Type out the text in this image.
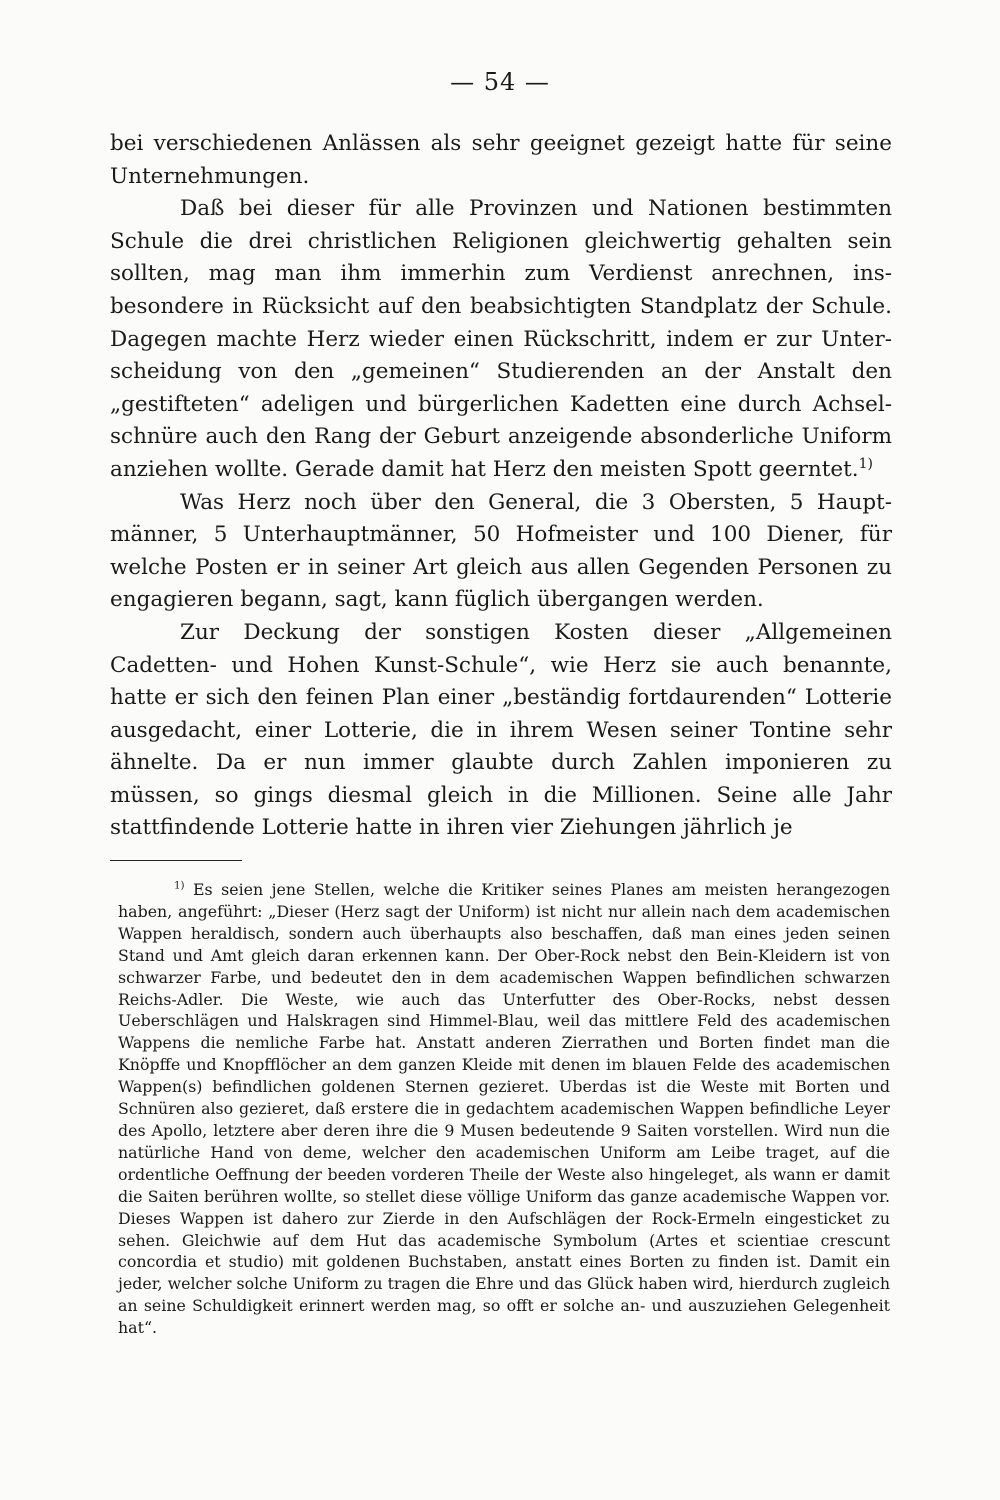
— 54 —

bei verschiedenen Anlässen als sehr geeignet gezeigt hatte für seine Unternehmungen.

Daß bei dieser für alle Provinzen und Nationen bestimmten Schule die drei christlichen Religionen gleichwertig gehalten sein sollten, mag man ihm immerhin zum Verdienst anrechnen, insbesondere in Rücksicht auf den beabsichtigten Standplatz der Schule. Dagegen machte Herz wieder einen Rückschritt, indem er zur Unterscheidung von den „gemeinen“ Studierenden an der Anstalt den „gestifteten“ adeligen und bürgerlichen Kadetten eine durch Achselschnüre auch den Rang der Geburt anzeigende absonderliche Uniform anziehen wollte. Gerade damit hat Herz den meisten Spott geerntet.$^{1)}$

Was Herz noch über den General, die 3 Obersten, 5 Hauptmänner, 5 Unterhauptmänner, 50 Hofmeister und 100 Diener, für welche Posten er in seiner Art gleich aus allen Gegenden Personen zu engagieren begann, sagt, kann füglich übergangen werden.

Zur Deckung der sonstigen Kosten dieser „Allgemeinen Cadetten- und Hohen Kunst-Schule“, wie Herz sie auch benannte, hatte er sich den feinen Plan einer „beständig fortdaurenden“ Lotterie ausgedacht, einer Lotterie, die in ihrem Wesen seiner Tontine sehr ähnelte. Da er nun immer glaubte durch Zahlen imponieren zu müssen, so gings diesmal gleich in die Millionen. Seine alle Jahr stattfindende Lotterie hatte in ihren vier Ziehungen jährlich je

$^{1)}$ Es seien jene Stellen, welche die Kritiker seines Planes am meisten herangezogen haben, angeführt: „Dieser (Herz sagt der Uniform) ist nicht nur allein nach dem academischen Wappen heraldisch, sondern auch überhaupts also beschaffen, daß man eines jeden seinen Stand und Amt gleich daran erkennen kann. Der Ober-Rock nebst den Bein-Kleidern ist von schwarzer Farbe, und bedeutet den in dem academischen Wappen befindlichen schwarzen Reichs-Adler. Die Weste, wie auch das Unterfutter des Ober-Rocks, nebst dessen Ueberschlägen und Halskragen sind Himmel-Blau, weil das mittlere Feld des academischen Wappens die nemliche Farbe hat. Anstatt anderen Zierrathen und Borten findet man die Knöpffe und Knopfflöcher an dem ganzen Kleide mit denen im blauen Felde des academischen Wappen(s) befindlichen goldenen Sternen gezieret. Uberdas ist die Weste mit Borten und Schnüren also gezieret, daß erstere die in gedachtem academischen Wappen befindliche Leyer des Apollo, letztere aber deren ihre die 9 Musen bedeutende 9 Saiten vorstellen. Wird nun die natürliche Hand von deme, welcher den academischen Uniform am Leibe traget, auf die ordentliche Oeffnung der beeden vorderen Theile der Weste also hingeleget, als wann er damit die Saiten berühren wollte, so stellet diese völlige Uniform das ganze academische Wappen vor. Dieses Wappen ist dahero zur Zierde in den Aufschlägen der Rock-Ermeln eingesticket zu sehen. Gleichwie auf dem Hut das academische Symbolum (Artes et scientiae crescunt concordia et studio) mit goldenen Buchstaben, anstatt eines Borten zu finden ist. Damit ein jeder, welcher solche Uniform zu tragen die Ehre und das Glück haben wird, hierdurch zugleich an seine Schuldigkeit erinnert werden mag, so offt er solche an- und auszuziehen Gelegenheit hat“.
